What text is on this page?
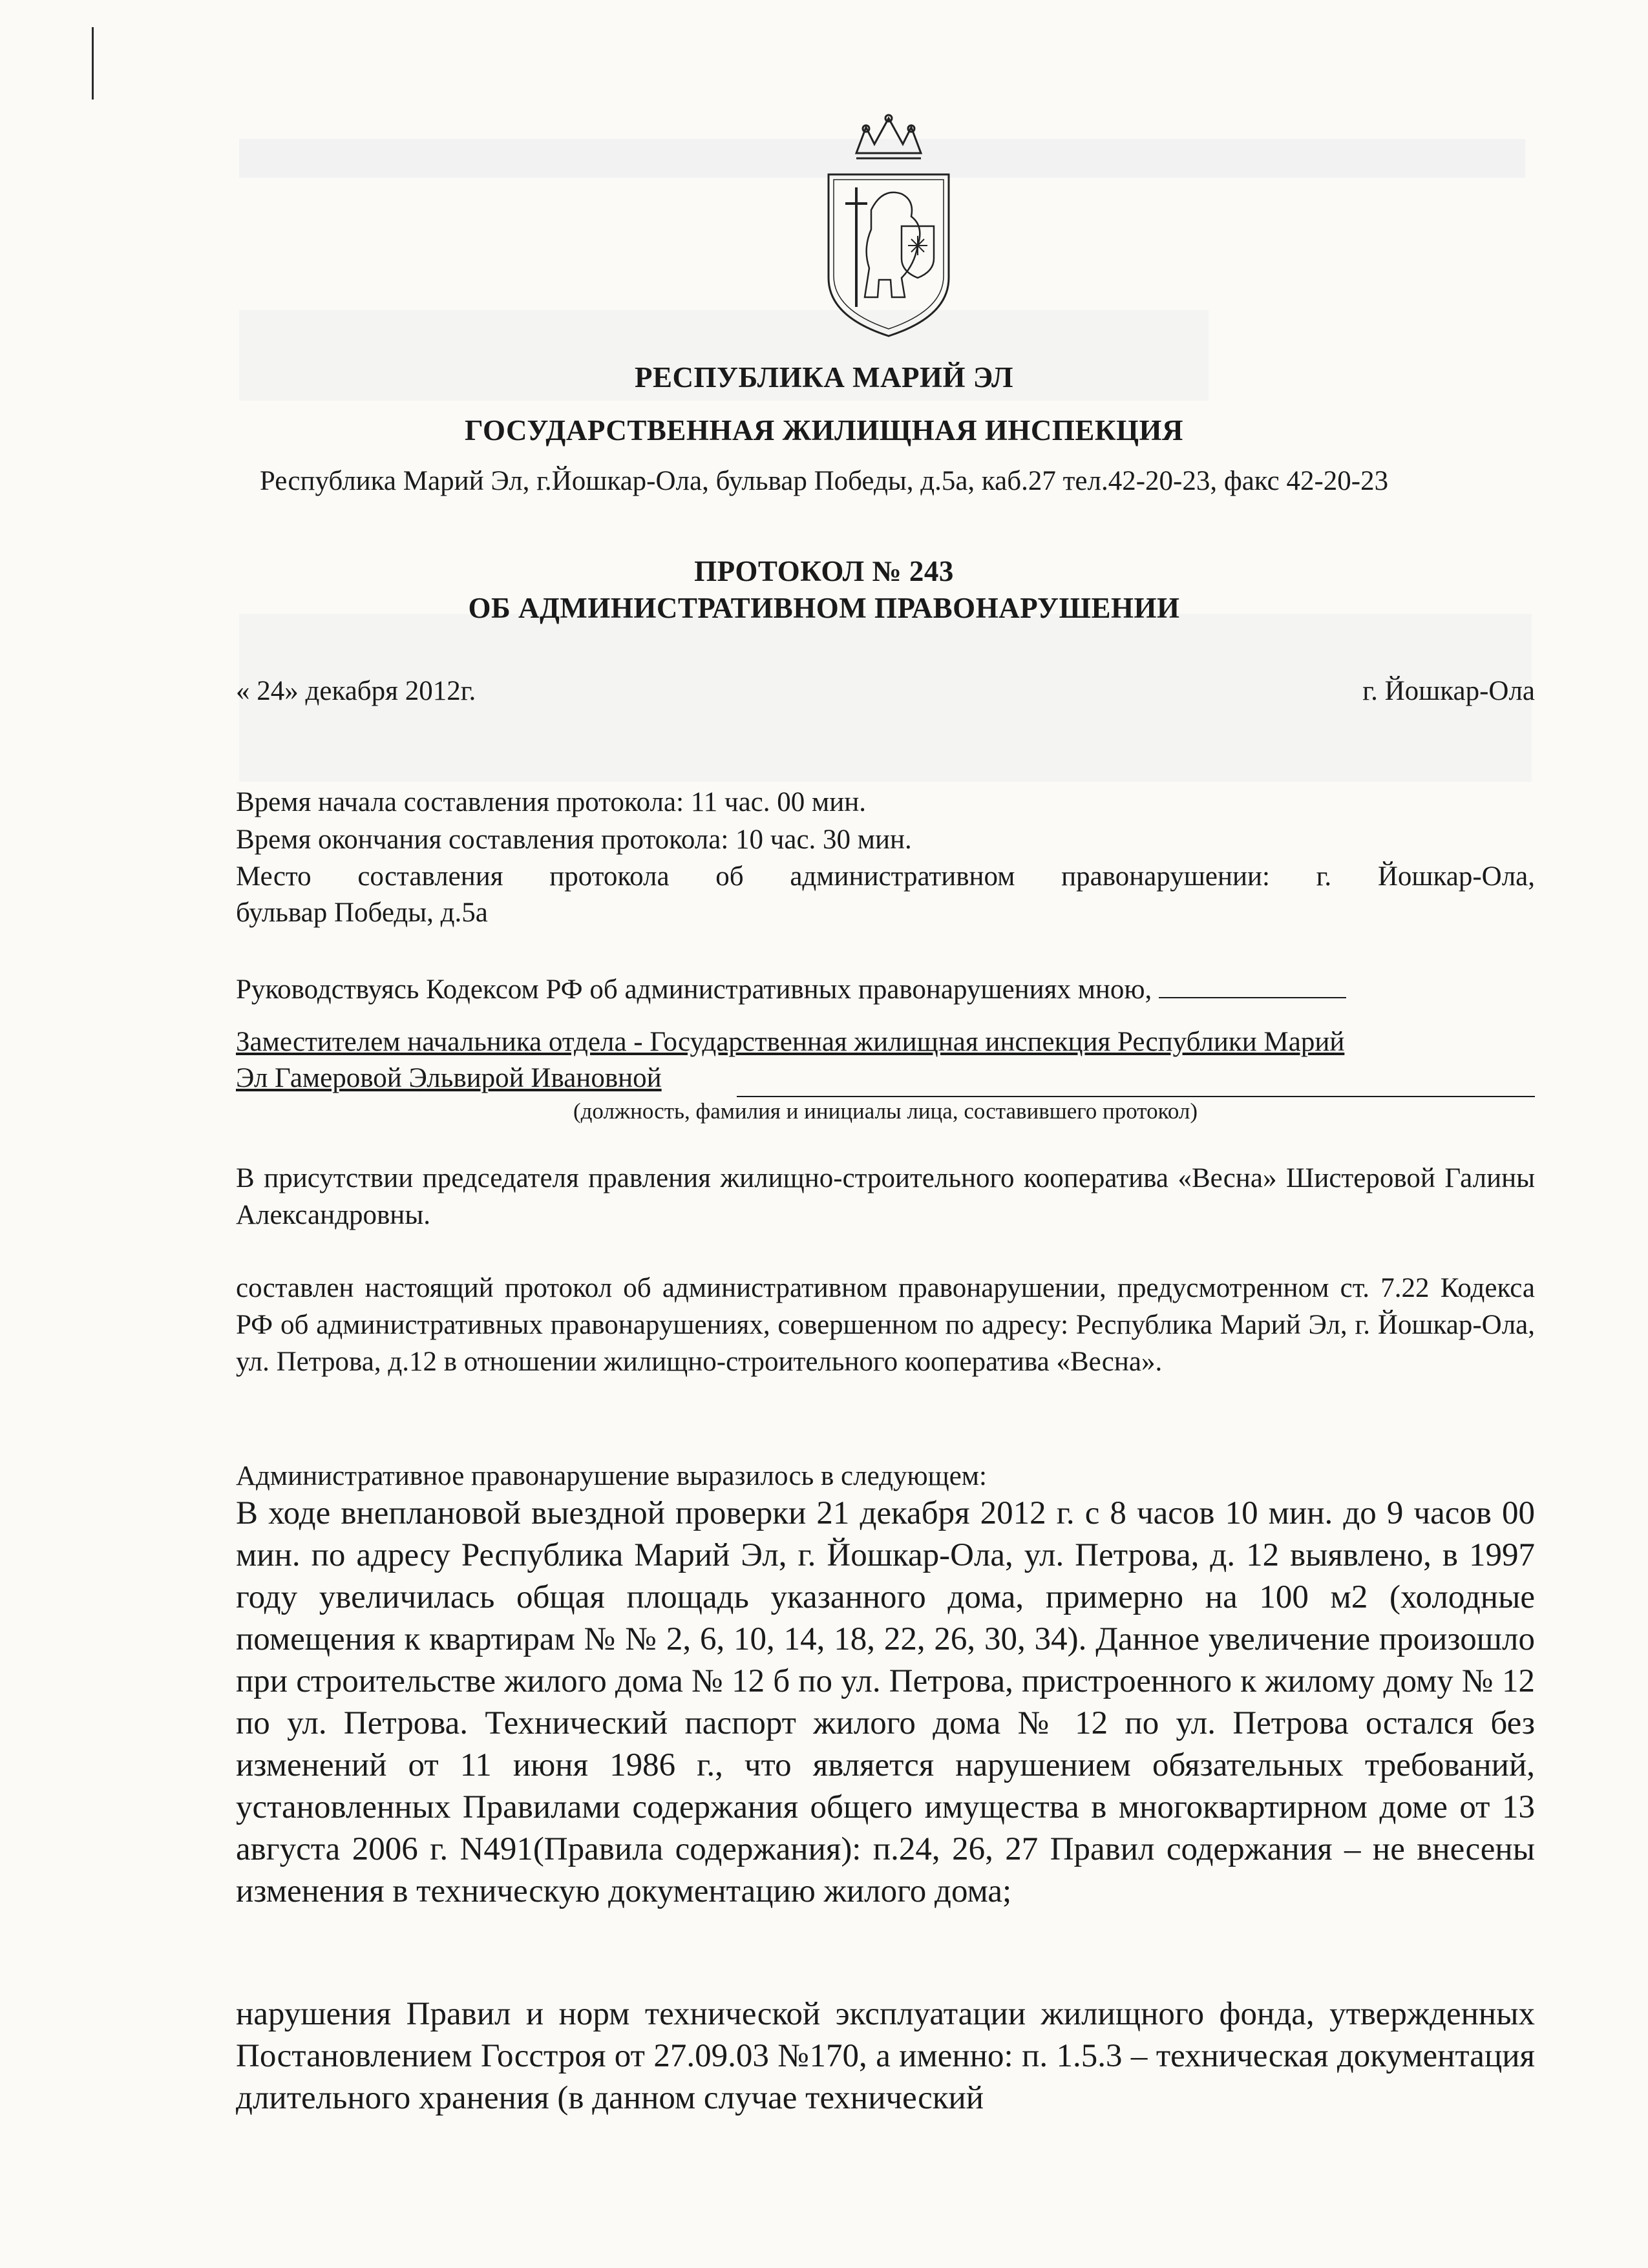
РЕСПУБЛИКА МАРИЙ ЭЛ

ГОСУДАРСТВЕННАЯ ЖИЛИЩНАЯ ИНСПЕКЦИЯ

Республика Марий Эл, г.Йошкар-Ола, бульвар Победы, д.5а, каб.27 тел.42-20-23, факс 42-20-23

ПРОТОКОЛ № 243

ОБ АДМИНИСТРАТИВНОМ ПРАВОНАРУШЕНИИ

« 24» декабря 2012г.	г. Йошкар-Ола

Время начала составления протокола: 11 час. 00 мин.

Время окончания составления протокола: 10 час. 30 мин.

Место составления протокола об административном правонарушении: г. Йошкар-Ола,

бульвар Победы, д.5а

Руководствуясь Кодексом РФ об административных правонарушениях мною,

Заместителем начальника отдела - Государственная жилищная инспекция Республики Марий

Эл Гамеровой Эльвирой Ивановной

(должность, фамилия и инициалы лица, составившего протокол)

В присутствии председателя правления жилищно-строительного кооператива «Весна» Шистеровой Галины Александровны.

составлен настоящий протокол об административном правонарушении, предусмотренном ст. 7.22 Кодекса РФ об административных правонарушениях, совершенном по адресу: Республика Марий Эл, г. Йошкар-Ола, ул. Петрова, д.12 в отношении жилищно-строительного кооператива «Весна».

Административное правонарушение выразилось в следующем:

В ходе внеплановой выездной проверки 21 декабря 2012 г. с 8 часов 10 мин. до 9 часов 00 мин. по адресу Республика Марий Эл, г. Йошкар-Ола, ул. Петрова, д. 12 выявлено, в 1997 году увеличилась общая площадь указанного дома, примерно на 100 м2 (холодные помещения к квартирам № № 2, 6, 10, 14, 18, 22, 26, 30, 34). Данное увеличение произошло при строительстве жилого дома № 12 б по ул. Петрова, пристроенного к жилому дому № 12 по ул. Петрова. Технический паспорт жилого дома № 12 по ул. Петрова остался без изменений от 11 июня 1986 г., что является нарушением обязательных требований, установленных Правилами содержания общего имущества в многоквартирном доме от 13 августа 2006 г. N491(Правила содержания): п.24, 26, 27 Правил содержания – не внесены изменения в техническую документацию жилого дома;

нарушения Правил и норм технической эксплуатации жилищного фонда, утвержденных Постановлением Госстроя от 27.09.03 №170, а именно: п. 1.5.3 – техническая документация длительного хранения (в данном случае технический
